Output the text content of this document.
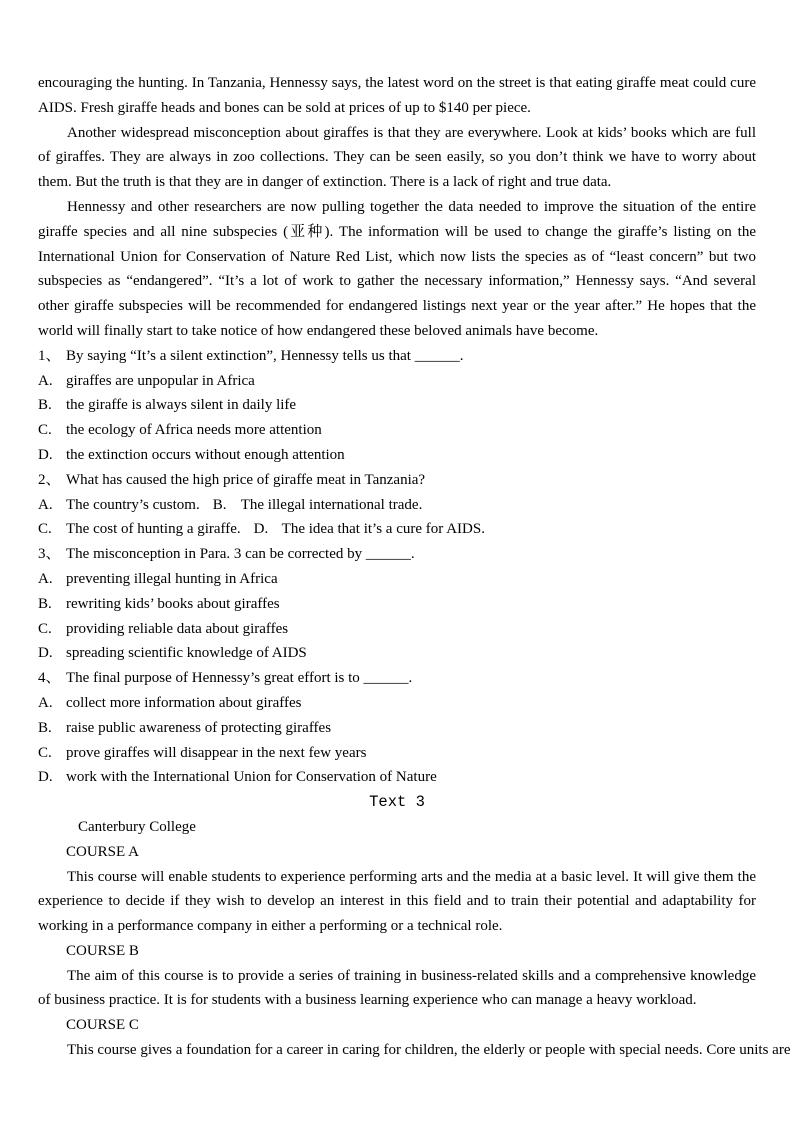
encouraging the hunting. In Tanzania, Hennessy says, the latest word on the street is that eating giraffe meat could cure AIDS. Fresh giraffe heads and bones can be sold at prices of up to $140 per piece.

Another widespread misconception about giraffes is that they are everywhere. Look at kids’ books which are full of giraffes. They are always in zoo collections. They can be seen easily, so you don’t think we have to worry about them. But the truth is that they are in danger of extinction. There is a lack of right and true data.

Hennessy and other researchers are now pulling together the data needed to improve the situation of the entire giraffe species and all nine subspecies (亚种). The information will be used to change the giraffe’s listing on the International Union for Conservation of Nature Red List, which now lists the species as of “least concern” but two subspecies as “endangered”. “It’s a lot of work to gather the necessary information,” Hennessy says. “And several other giraffe subspecies will be recommended for endangered listings next year or the year after.” He hopes that the world will finally start to take notice of how endangered these beloved animals have become.

1、 By saying “It’s a silent extinction”, Hennessy tells us that ______.
A. giraffes are unpopular in Africa
B. the giraffe is always silent in daily life
C. the ecology of Africa needs more attention
D. the extinction occurs without enough attention
2、 What has caused the high price of giraffe meat in Tanzania?
A. The country’s custom. B. The illegal international trade.
C. The cost of hunting a giraffe. D. The idea that it’s a cure for AIDS.
3、 The misconception in Para. 3 can be corrected by ______.
A. preventing illegal hunting in Africa
B. rewriting kids’ books about giraffes
C. providing reliable data about giraffes
D. spreading scientific knowledge of AIDS
4、 The final purpose of Hennessy’s great effort is to ______.
A. collect more information about giraffes
B. raise public awareness of protecting giraffes
C. prove giraffes will disappear in the next few years
D. work with the International Union for Conservation of Nature
Text 3
Canterbury College
COURSE A

This course will enable students to experience performing arts and the media at a basic level. It will give them the experience to decide if they wish to develop an interest in this field and to train their potential and adaptability for working in a performance company in either a performing or a technical role.

COURSE B

The aim of this course is to provide a series of training in business-related skills and a comprehensive knowledge of business practice. It is for students with a business learning experience who can manage a heavy workload.

COURSE C

This course gives a foundation for a career in caring for children, the elderly or people with special needs. Core units are
